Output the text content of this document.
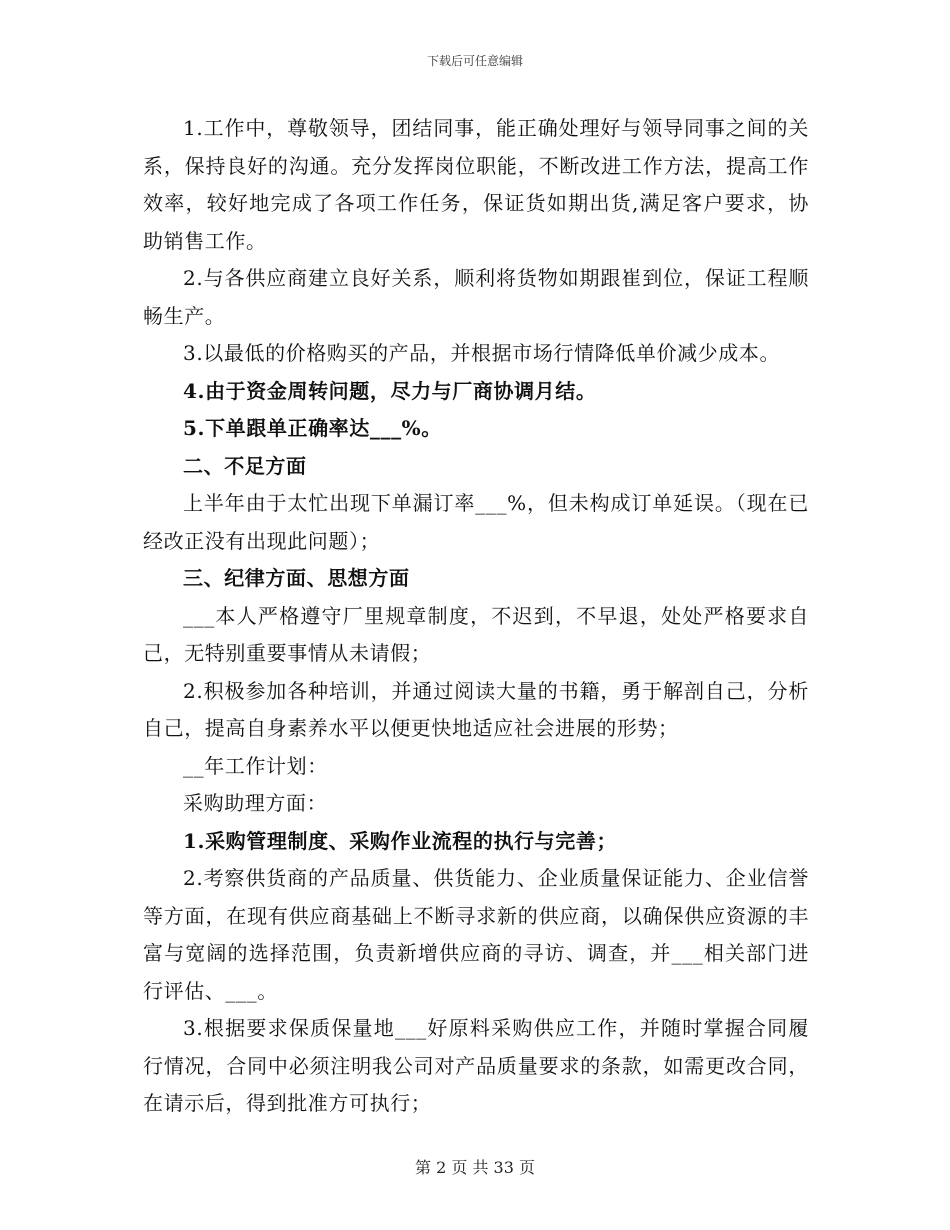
下载后可任意编辑

1.工作中，尊敬领导，团结同事，能正确处理好与领导同事之间的关系，保持良好的沟通。充分发挥岗位职能，不断改进工作方法，提高工作效率，较好地完成了各项工作任务，保证货如期出货,满足客户要求，协助销售工作。

2.与各供应商建立良好关系，顺利将货物如期跟崔到位，保证工程顺畅生产。

3.以最低的价格购买的产品，并根据市场行情降低单价减少成本。

4.由于资金周转问题，尽力与厂商协调月结。

5.下单跟单正确率达___%。

二、不足方面

上半年由于太忙出现下单漏订率___%，但未构成订单延误。（现在已经改正没有出现此问题）；

三、纪律方面、思想方面

___本人严格遵守厂里规章制度，不迟到，不早退，处处严格要求自己，无特别重要事情从未请假；

2.积极参加各种培训，并通过阅读大量的书籍，勇于解剖自己，分析自己，提高自身素养水平以便更快地适应社会进展的形势；

__年工作计划：

采购助理方面：

1.采购管理制度、采购作业流程的执行与完善；

2.考察供货商的产品质量、供货能力、企业质量保证能力、企业信誉等方面，在现有供应商基础上不断寻求新的供应商，以确保供应资源的丰富与宽阔的选择范围，负责新增供应商的寻访、调查，并___相关部门进行评估、___。

3.根据要求保质保量地___好原料采购供应工作，并随时掌握合同履行情况，合同中必须注明我公司对产品质量要求的条款，如需更改合同，在请示后，得到批准方可执行；

第 2 页 共 33 页
